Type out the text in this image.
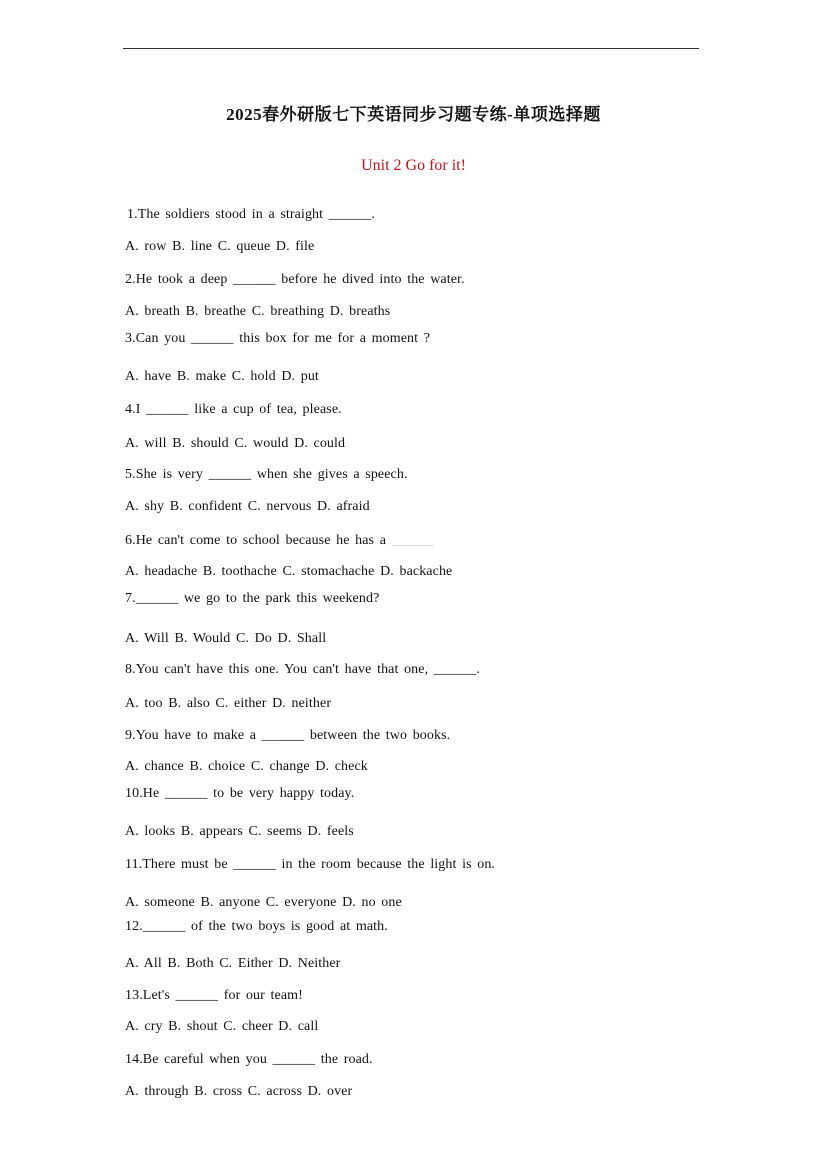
2025春外研版七下英语同步习题专练-单项选择题
Unit 2 Go for it!
1.The soldiers stood in a straight ______.
A. row B. line C. queue D. file
2.He took a deep ______ before he dived into the water.
A. breath B. breathe C. breathing D. breaths
3.Can you ______ this box for me for a moment ?
A. have B. make C. hold D. put
4.I ______ like a cup of tea, please.
A. will B. should C. would D. could
5.She is very ______ when she gives a speech.
A. shy B. confident C. nervous D. afraid
6.He can't come to school because he has a ______
A. headache B. toothache C. stomachache D. backache
7.______ we go to the park this weekend?
A. Will B. Would C. Do D. Shall
8.You can't have this one. You can't have that one, ______.
A. too B. also C. either D. neither
9.You have to make a ______ between the two books.
A. chance B. choice C. change D. check
10.He ______ to be very happy today.
A. looks B. appears C. seems D. feels
11.There must be ______ in the room because the light is on.
A. someone B. anyone C. everyone D. no one
12.______ of the two boys is good at math.
A. All B. Both C. Either D. Neither
13.Let's ______ for our team!
A. cry B. shout C. cheer D. call
14.Be careful when you ______ the road.
A. through B. cross C. across D. over
